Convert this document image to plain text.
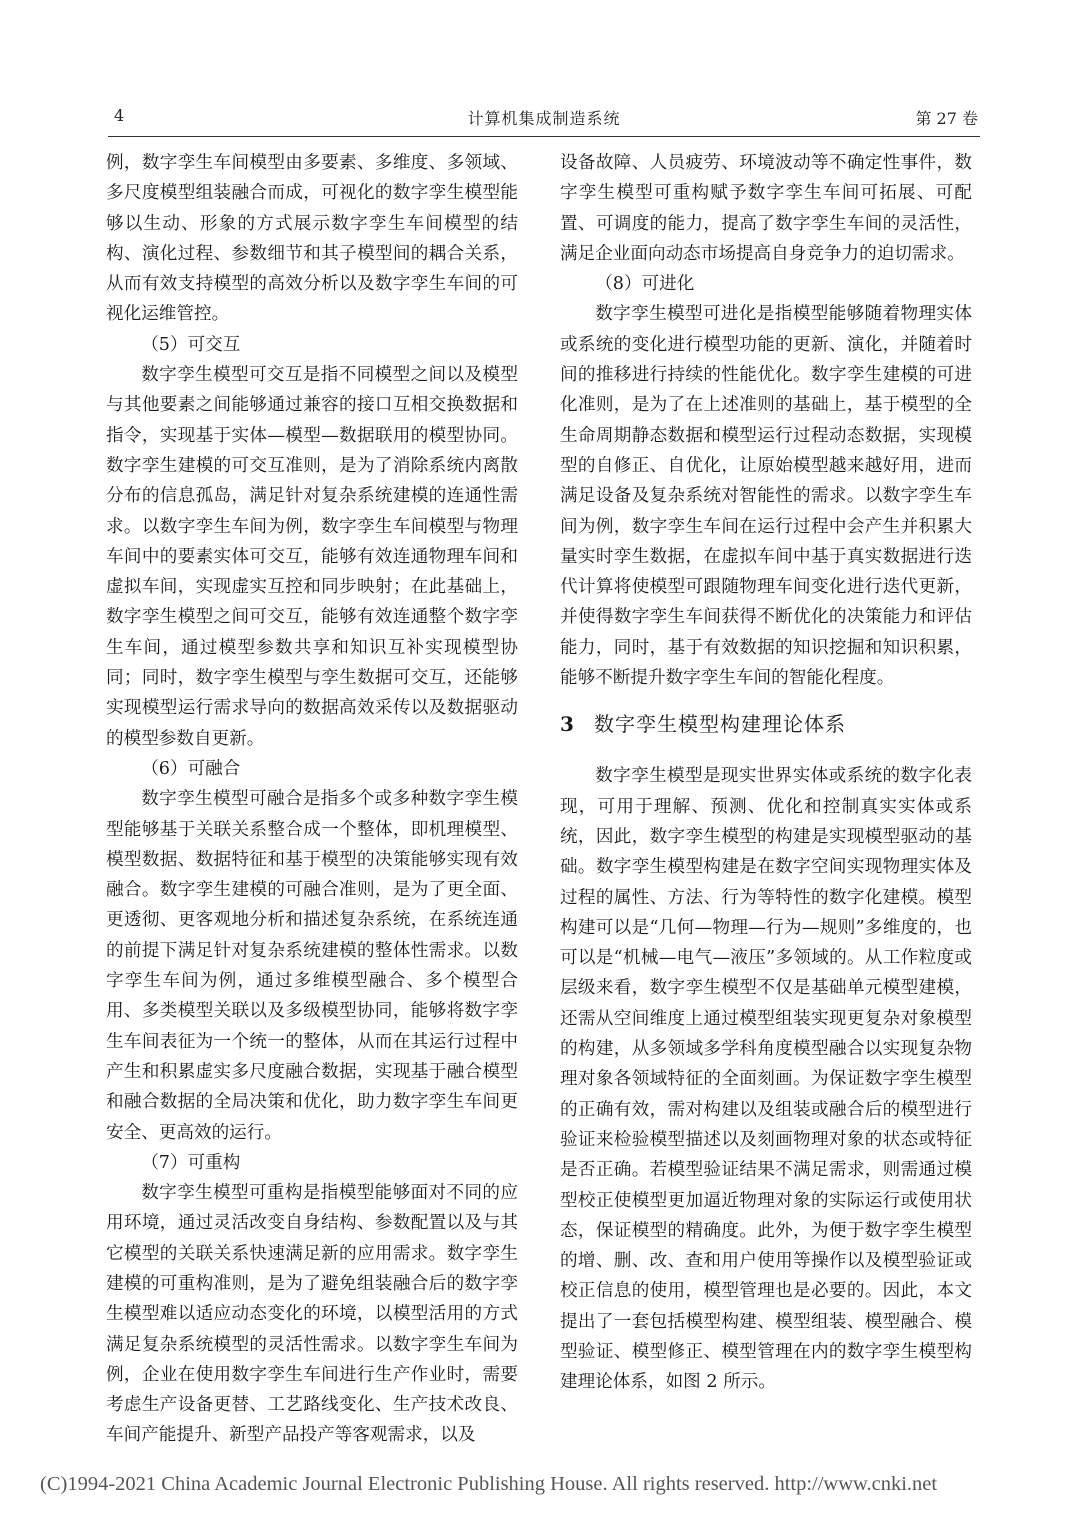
4	计算机集成制造系统	第 27 卷

例，数字孪生车间模型由多要素、多维度、多领域、多尺度模型组装融合而成，可视化的数字孪生模型能够以生动、形象的方式展示数字孪生车间模型的结构、演化过程、参数细节和其子模型间的耦合关系，从而有效支持模型的高效分析以及数字孪生车间的可视化运维管控。

（5）可交互

数字孪生模型可交互是指不同模型之间以及模型与其他要素之间能够通过兼容的接口互相交换数据和指令，实现基于实体—模型—数据联用的模型协同。数字孪生建模的可交互准则，是为了消除系统内离散分布的信息孤岛，满足针对复杂系统建模的连通性需求。以数字孪生车间为例，数字孪生车间模型与物理车间中的要素实体可交互，能够有效连通物理车间和虚拟车间，实现虚实互控和同步映射；在此基础上，数字孪生模型之间可交互，能够有效连通整个数字孪生车间，通过模型参数共享和知识互补实现模型协同；同时，数字孪生模型与孪生数据可交互，还能够实现模型运行需求导向的数据高效采传以及数据驱动的模型参数自更新。

（6）可融合

数字孪生模型可融合是指多个或多种数字孪生模型能够基于关联关系整合成一个整体，即机理模型、模型数据、数据特征和基于模型的决策能够实现有效融合。数字孪生建模的可融合准则，是为了更全面、更透彻、更客观地分析和描述复杂系统，在系统连通的前提下满足针对复杂系统建模的整体性需求。以数字孪生车间为例，通过多维模型融合、多个模型合用、多类模型关联以及多级模型协同，能够将数字孪生车间表征为一个统一的整体，从而在其运行过程中产生和积累虚实多尺度融合数据，实现基于融合模型和融合数据的全局决策和优化，助力数字孪生车间更安全、更高效的运行。

（7）可重构

数字孪生模型可重构是指模型能够面对不同的应用环境，通过灵活改变自身结构、参数配置以及与其它模型的关联关系快速满足新的应用需求。数字孪生建模的可重构准则，是为了避免组装融合后的数字孪生模型难以适应动态变化的环境，以模型活用的方式满足复杂系统模型的灵活性需求。以数字孪生车间为例，企业在使用数字孪生车间进行生产作业时，需要考虑生产设备更替、工艺路线变化、生产技术改良、车间产能提升、新型产品投产等客观需求，以及

设备故障、人员疲劳、环境波动等不确定性事件，数字孪生模型可重构赋予数字孪生车间可拓展、可配置、可调度的能力，提高了数字孪生车间的灵活性，满足企业面向动态市场提高自身竞争力的迫切需求。

（8）可进化

数字孪生模型可进化是指模型能够随着物理实体或系统的变化进行模型功能的更新、演化，并随着时间的推移进行持续的性能优化。数字孪生建模的可进化准则，是为了在上述准则的基础上，基于模型的全生命周期静态数据和模型运行过程动态数据，实现模型的自修正、自优化，让原始模型越来越好用，进而满足设备及复杂系统对智能性的需求。以数字孪生车间为例，数字孪生车间在运行过程中会产生并积累大量实时孪生数据，在虚拟车间中基于真实数据进行迭代计算将使模型可跟随物理车间变化进行迭代更新，并使得数字孪生车间获得不断优化的决策能力和评估能力，同时，基于有效数据的知识挖掘和知识积累，能够不断提升数字孪生车间的智能化程度。

3 数字孪生模型构建理论体系

数字孪生模型是现实世界实体或系统的数字化表现，可用于理解、预测、优化和控制真实实体或系统，因此，数字孪生模型的构建是实现模型驱动的基础。数字孪生模型构建是在数字空间实现物理实体及过程的属性、方法、行为等特性的数字化建模。模型构建可以是“几何—物理—行为—规则”多维度的，也可以是“机械—电气—液压”多领域的。从工作粒度或层级来看，数字孪生模型不仅是基础单元模型建模，还需从空间维度上通过模型组装实现更复杂对象模型的构建，从多领域多学科角度模型融合以实现复杂物理对象各领域特征的全面刻画。为保证数字孪生模型的正确有效，需对构建以及组装或融合后的模型进行验证来检验模型描述以及刻画物理对象的状态或特征是否正确。若模型验证结果不满足需求，则需通过模型校正使模型更加逼近物理对象的实际运行或使用状态，保证模型的精确度。此外，为便于数字孪生模型的增、删、改、查和用户使用等操作以及模型验证或校正信息的使用，模型管理也是必要的。因此，本文提出了一套包括模型构建、模型组装、模型融合、模型验证、模型修正、模型管理在内的数字孪生模型构建理论体系，如图 2 所示。

(C)1994-2021 China Academic Journal Electronic Publishing House. All rights reserved. http://www.cnki.net
